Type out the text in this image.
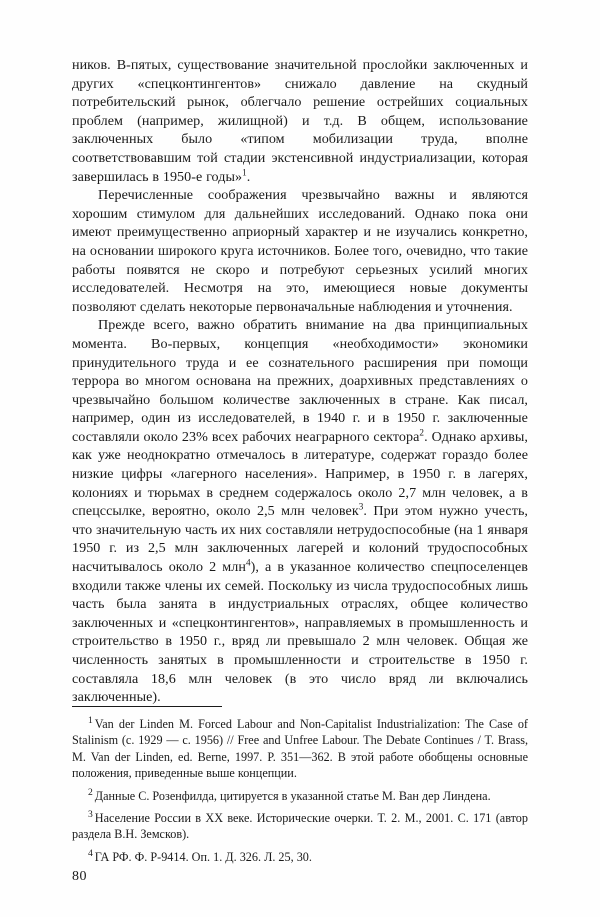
ников. В-пятых, существование значительной прослойки заключенных и других «спецконтингентов» снижало давление на скудный потребительский рынок, облегчало решение острейших социальных проблем (например, жилищной) и т.д. В общем, использование заключенных было «типом мобилизации труда, вполне соответствовавшим той стадии экстенсивной индустриализации, которая завершилась в 1950-е годы»$^1$.

Перечисленные соображения чрезвычайно важны и являются хорошим стимулом для дальнейших исследований. Однако пока они имеют преимущественно априорный характер и не изучались конкретно, на основании широкого круга источников. Более того, очевидно, что такие работы появятся не скоро и потребуют серьезных усилий многих исследователей. Несмотря на это, имеющиеся новые документы позволяют сделать некоторые первоначальные наблюдения и уточнения.

Прежде всего, важно обратить внимание на два принципиальных момента. Во-первых, концепция «необходимости» экономики принудительного труда и ее сознательного расширения при помощи террора во многом основана на прежних, доархивных представлениях о чрезвычайно большом количестве заключенных в стране. Как писал, например, один из исследователей, в 1940 г. и в 1950 г. заключенные составляли около 23% всех рабочих неаграрного сектора$^2$. Однако архивы, как уже неоднократно отмечалось в литературе, содержат гораздо более низкие цифры «лагерного населения». Например, в 1950 г. в лагерях, колониях и тюрьмах в среднем содержалось около 2,7 млн человек, а в спецссылке, вероятно, около 2,5 млн человек$^3$. При этом нужно учесть, что значительную часть их них составляли нетрудоспособные (на 1 января 1950 г. из 2,5 млн заключенных лагерей и колоний трудоспособных насчитывалось около 2 млн$^4$), а в указанное количество спецпоселенцев входили также члены их семей. Поскольку из числа трудоспособных лишь часть была занята в индустриальных отраслях, общее количество заключенных и «спецконтингентов», направляемых в промышленность и строительство в 1950 г., вряд ли превышало 2 млн человек. Общая же численность занятых в промышленности и строительстве в 1950 г. составляла 18,6 млн человек (в это число вряд ли включались заключенные).

$^1$ Van der Linden M. Forced Labour and Non-Capitalist Industrialization: The Case of Stalinism (c. 1929 — c. 1956) // Free and Unfree Labour. The Debate Continues / T. Brass, M. Van der Linden, ed. Berne, 1997. P. 351—362. В этой работе обобщены основные положения, приведенные выше концепции.

$^2$ Данные С. Розенфилда, цитируется в указанной статье М. Ван дер Линдена.

$^3$ Население России в XX веке. Исторические очерки. Т. 2. М., 2001. С. 171 (автор раздела В.Н. Земсков).

$^4$ ГА РФ. Ф. Р-9414. Оп. 1. Д. 326. Л. 25, 30.

80
